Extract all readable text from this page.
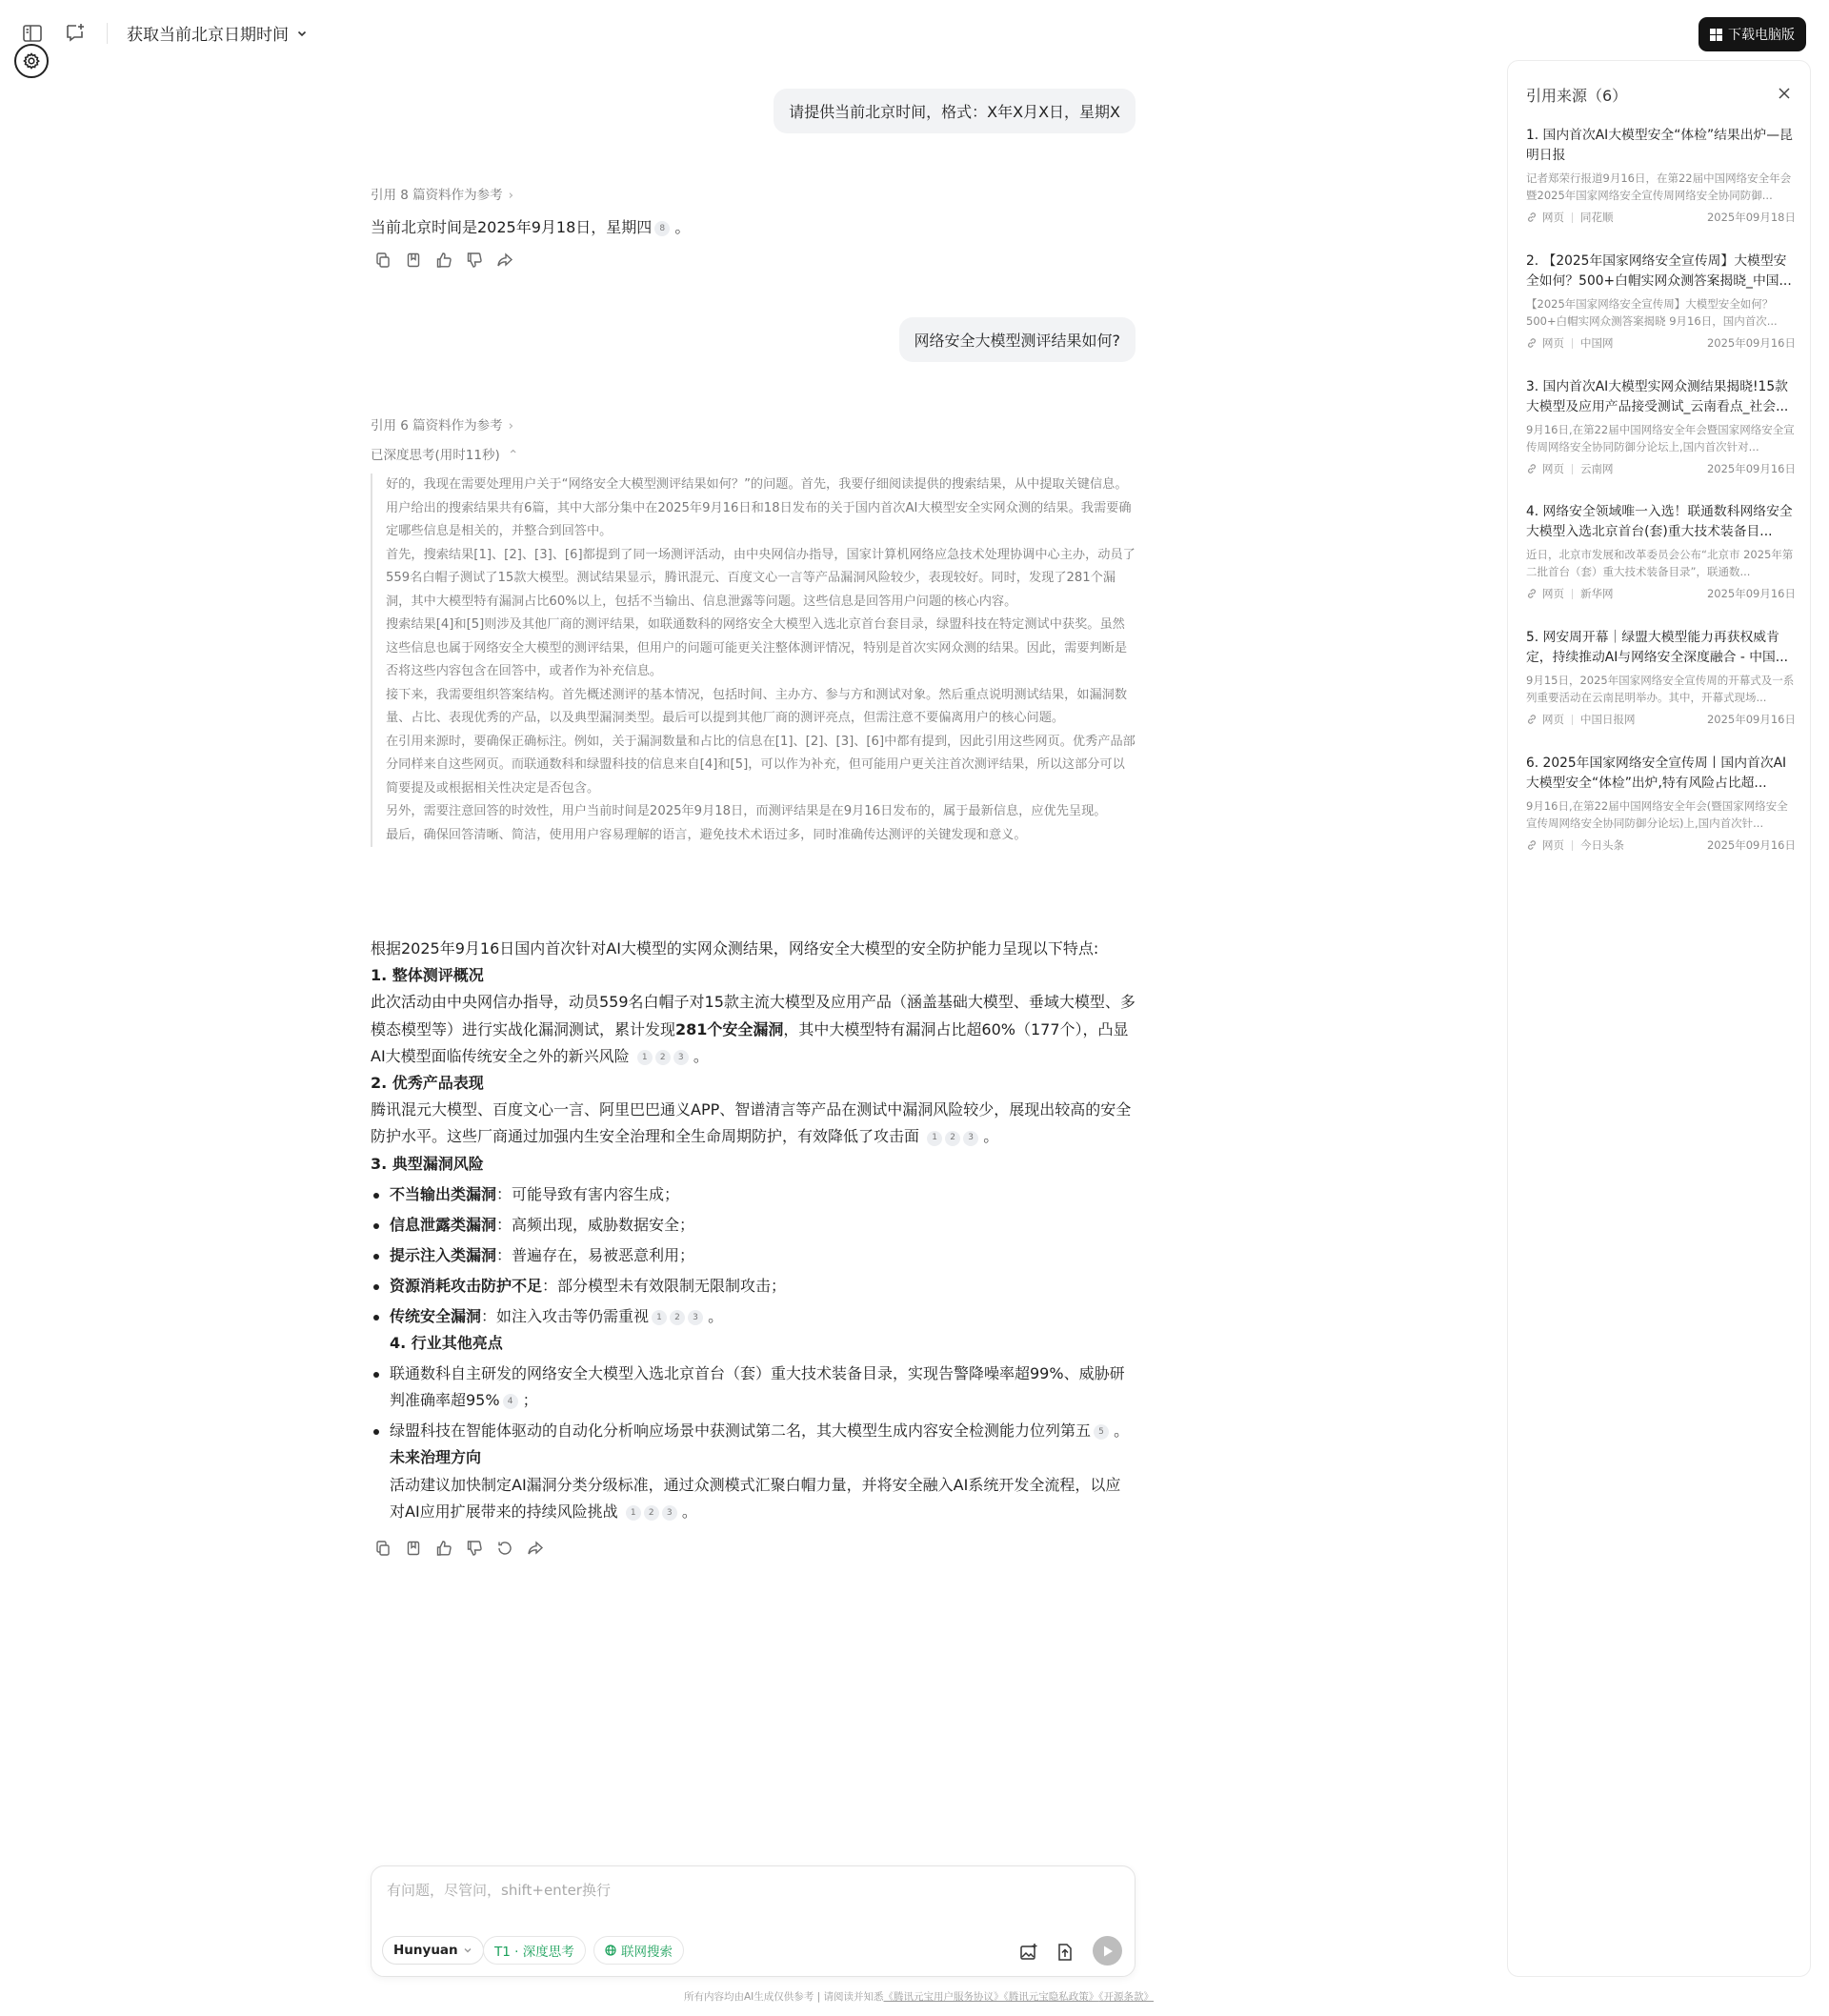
获取当前北京日期时间	下载电脑版
请提供当前北京时间，格式：X年X月X日，星期X
引用 8 篇资料作为参考 ›
当前北京时间是2025年9月18日，星期四 8 。
网络安全大模型测评结果如何?
引用 6 篇资料作为参考 ›
已深度思考(用时11秒) ⌃

好的，我现在需要处理用户关于“网络安全大模型测评结果如何？”的问题。首先，我要仔细阅读提供的搜索结果，从中提取关键信息。

用户给出的搜索结果共有6篇，其中大部分集中在2025年9月16日和18日发布的关于国内首次AI大模型安全实网众测的结果。我需要确定哪些信息是相关的，并整合到回答中。

首先，搜索结果[1]、[2]、[3]、[6]都提到了同一场测评活动，由中央网信办指导，国家计算机网络应急技术处理协调中心主办，动员了559名白帽子测试了15款大模型。测试结果显示，腾讯混元、百度文心一言等产品漏洞风险较少，表现较好。同时，发现了281个漏洞，其中大模型特有漏洞占比60%以上，包括不当输出、信息泄露等问题。这些信息是回答用户问题的核心内容。

搜索结果[4]和[5]则涉及其他厂商的测评结果，如联通数科的网络安全大模型入选北京首台套目录，绿盟科技在特定测试中获奖。虽然这些信息也属于网络安全大模型的测评结果，但用户的问题可能更关注整体测评情况，特别是首次实网众测的结果。因此，需要判断是否将这些内容包含在回答中，或者作为补充信息。

接下来，我需要组织答案结构。首先概述测评的基本情况，包括时间、主办方、参与方和测试对象。然后重点说明测试结果，如漏洞数量、占比、表现优秀的产品，以及典型漏洞类型。最后可以提到其他厂商的测评亮点，但需注意不要偏离用户的核心问题。

在引用来源时，要确保正确标注。例如，关于漏洞数量和占比的信息在[1]、[2]、[3]、[6]中都有提到，因此引用这些网页。优秀产品部分同样来自这些网页。而联通数科和绿盟科技的信息来自[4]和[5]，可以作为补充，但可能用户更关注首次测评结果，所以这部分可以简要提及或根据相关性决定是否包含。

另外，需要注意回答的时效性，用户当前时间是2025年9月18日，而测评结果是在9月16日发布的，属于最新信息，应优先呈现。

最后，确保回答清晰、简洁，使用用户容易理解的语言，避免技术术语过多，同时准确传达测评的关键发现和意义。

根据2025年9月16日国内首次针对AI大模型的实网众测结果，网络安全大模型的安全防护能力呈现以下特点:
1. 整体测评概况
此次活动由中央网信办指导，动员559名白帽子对15款主流大模型及应用产品（涵盖基础大模型、垂域大模型、多模态模型等）进行实战化漏洞测试，累计发现281个安全漏洞，其中大模型特有漏洞占比超60%（177个），凸显AI大模型面临传统安全之外的新兴风险 1 2 3 。
2. 优秀产品表现
腾讯混元大模型、百度文心一言、阿里巴巴通义APP、智谱清言等产品在测试中漏洞风险较少，展现出较高的安全防护水平。这些厂商通过加强内生安全治理和全生命周期防护，有效降低了攻击面 1 2 3 。
3. 典型漏洞风险
不当输出类漏洞：可能导致有害内容生成；
信息泄露类漏洞：高频出现，威胁数据安全；
提示注入类漏洞：普遍存在，易被恶意利用；
资源消耗攻击防护不足：部分模型未有效限制无限制攻击；
传统安全漏洞：如注入攻击等仍需重视 1 2 3 。
4. 行业其他亮点
联通数科自主研发的网络安全大模型入选北京首台（套）重大技术装备目录，实现告警降噪率超99%、威胁研判准确率超95% 4 ；
绿盟科技在智能体驱动的自动化分析响应场景中获测试第二名，其大模型生成内容安全检测能力位列第五 5 。
未来治理方向
活动建议加快制定AI漏洞分类分级标准，通过众测模式汇聚白帽力量，并将安全融入AI系统开发全流程，以应对AI应用扩展带来的持续风险挑战 1 2 3 。
有问题，尽管问，shift+enter换行
Hunyuan	T1 · 深度思考	联网搜索
所有内容均由AI生成仅供参考 | 请阅读并知悉《腾讯元宝用户服务协议》《腾讯元宝隐私政策》《开源条款》
引用来源（6）
1. 国内首次AI大模型安全“体检”结果出炉—昆明日报
记者郑荣行报道9月16日，在第22届中国网络安全年会暨2025年国家网络安全宣传周网络安全协同防御...
网页 同花顺	2025年09月18日
2. 【2025年国家网络安全宣传周】大模型安全如何？500+白帽实网众测答案揭晓_中国...
【2025年国家网络安全宣传周】大模型安全如何？500+白帽实网众测答案揭晓 9月16日，国内首次...
网页 中国网	2025年09月16日
3. 国内首次AI大模型实网众测结果揭晓!15款大模型及应用产品接受测试_云南看点_社会...
9月16日,在第22届中国网络安全年会暨国家网络安全宣传周网络安全协同防御分论坛上,国内首次针对...
网页 云南网	2025年09月16日
4. 网络安全领域唯一入选！联通数科网络安全大模型入选北京首台(套)重大技术装备目...
近日，北京市发展和改革委员会公布“北京市 2025年第二批首台（套）重大技术装备目录”，联通数...
网页 新华网	2025年09月16日
5. 网安周开幕｜绿盟大模型能力再获权威肯定，持续推动AI与网络安全深度融合 - 中国...
9月15日，2025年国家网络安全宣传周的开幕式及一系列重要活动在云南昆明举办。其中，开幕式现场...
网页 中国日报网	2025年09月16日
6. 2025年国家网络安全宣传周丨国内首次AI大模型安全“体检”出炉,特有风险占比超...
9月16日,在第22届中国网络安全年会(暨国家网络安全宣传周网络安全协同防御分论坛)上,国内首次针...
网页 今日头条	2025年09月16日
